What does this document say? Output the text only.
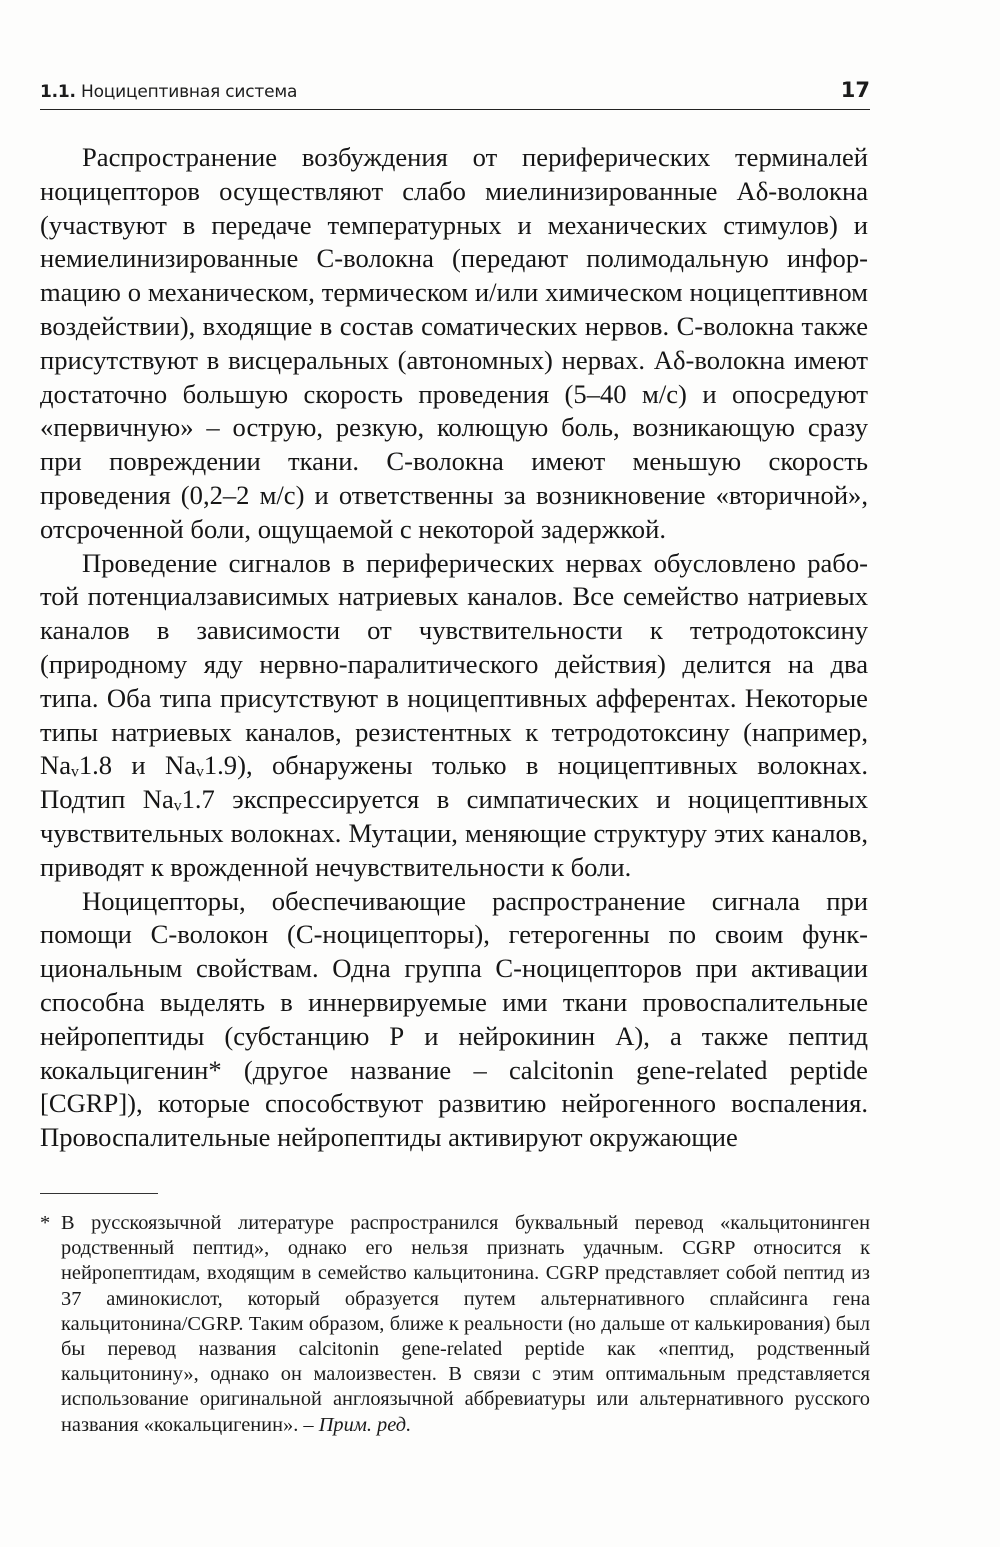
1.1. Ноцицептивная система	17

Распространение возбуждения от периферических терминалей ноцицепторов осуществляют слабо миелинизированные Аδ-волокна (участвуют в передаче температурных и механических стимулов) и немиелинизированные С-волокна (передают полимодальную инфорmацию о механическом, термическом и/или химическом ноцицептивном воздействии), входящие в состав соматических нервов. С-волокна также присутствуют в висцеральных (автономных) нервах. Аδ-волокна имеют достаточно большую скорость проведения (5–40 м/с) и опосредуют «первичную» – острую, резкую, колющую боль, возникающую сразу при повреждении ткани. С-волокна имеют меньшую скорость проведения (0,2–2 м/с) и ответственны за возникновение «вторичной», отсроченной боли, ощущаемой с некоторой задержкой.

Проведение сигналов в периферических нервах обусловлено работой потенциалзависимых натриевых каналов. Все семейство натриевых каналов в зависимости от чувствительности к тетродотоксину (природному яду нервно-паралитического действия) делится на два типа. Оба типа присутствуют в ноцицептивных афферентах. Некоторые типы натриевых каналов, резистентных к тетродотоксину (например, Naᵥ1.8 и Naᵥ1.9), обнаружены только в ноцицептивных волокнах. Подтип Naᵥ1.7 экспрессируется в симпатических и ноцицептивных чувствительных волокнах. Мутации, меняющие структуру этих каналов, приводят к врожденной нечувствительности к боли.

Ноцицепторы, обеспечивающие распространение сигнала при помощи С-волокон (С-ноцицепторы), гетерогенны по своим функциональным свойствам. Одна группа С-ноцицепторов при активации способна выделять в иннервируемые ими ткани провоспалительные нейропептиды (субстанцию Р и нейрокинин А), а также пептид кокальцигенин* (другое название – calcitonin gene-related peptide [CGRP]), которые способствуют развитию нейрогенного воспаления. Провоспалительные нейропептиды активируют окружающие

* В русскоязычной литературе распространился буквальный перевод «кальцитонинген родственный пептид», однако его нельзя признать удачным. CGRP относится к нейропептидам, входящим в семейство кальцитонина. CGRP представляет собой пептид из 37 аминокислот, который образуется путем альтернативного сплайсинга гена кальцитонина/CGRP. Таким образом, ближе к реальности (но дальше от калькирования) был бы перевод названия calcitonin gene-related peptide как «пептид, родственный кальцитонину», однако он малоизвестен. В связи с этим оптимальным представляется использование оригинальной англоязычной аббревиатуры или альтернативного русского названия «кокальцигенин». – Прим. ред.
